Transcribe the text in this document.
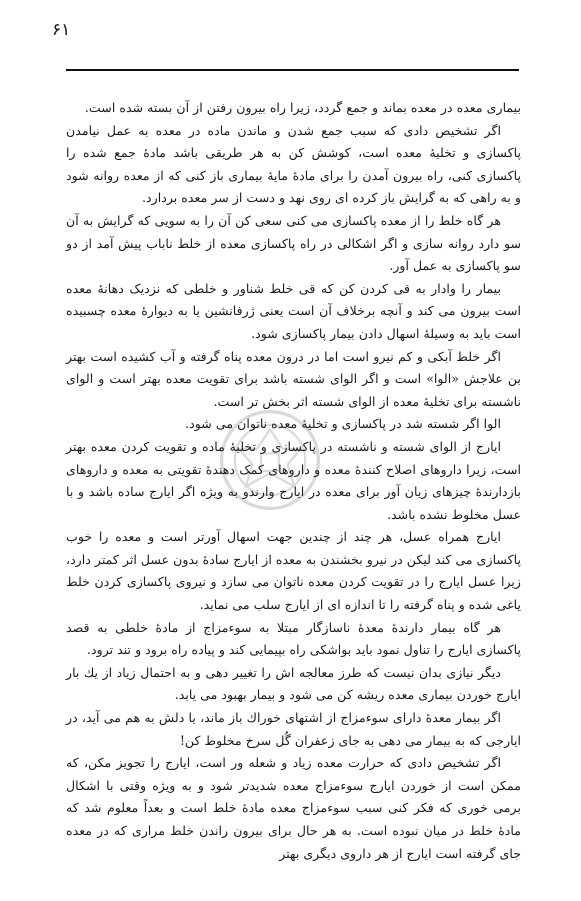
۶۱

بیماری معده در معده بماند و جمع گردد، زیرا راه بیرون رفتن از آن بسته شده است.

اگر تشخیص دادی که سبب جمع شدن و ماندن ماده در معده به عمل نیامدن پاکسازی و تخلیهٔ معده است، کوشش کن به هر طریقی باشد مادهٔ جمع شده را پاکسازی کنی، راه بیرون آمدن را برای مادهٔ مایهٔ بیماری باز کنی که از معده روانه شود و به راهی که به گرایش باز کرده ای روی نهد و دست از سر معده بردارد.

هر گاه خلط را از معده پاکسازی می کنی سعی کن آن را به سویی که گرایش به آن سو دارد روانه سازی و اگر اشکالی در راه پاکسازی معده از خلط ناباب پیش آمد از دو سو پاکسازی به عمل آور.

بیمار را وادار به قی کردن کن که قی خلط شناور و خلطی که نزدیک دهانهٔ معده است بیرون می کند و آنچه برخلاف آن است یعنی ژرفانشین یا به دیوارهٔ معده چسبیده است باید به وسیلهٔ اسهال دادن بیمار پاکسازی شود.

اگر خلط آبکی و کم نیرو است اما در درون معده پناه گرفته و آب کشیده است بهتر بن علاجش «الوا» است و اگر الوای شسته باشد برای تقویت معده بهتر است و الوای ناشسته برای تخلیهٔ معده از الوای شسته اثر بخش تر است.

الوا اگر شسته شد در پاکسازی و تخلیهٔ معده ناتوان می شود.

ایارج از الوای شسته و ناشسته در پاکسازی و تخلیهٔ ماده و تقویت کردن معده بهتر است، زیرا داروهای اصلاح کنندهٔ معده و داروهای کمک دهندهٔ تقویتی به معده و داروهای بازدارندهٔ چیزهای زیان آور برای معده در ایارج وارندو به ویژه اگر ایارج ساده باشد و با عسل مخلوط نشده باشد.

ایارج همراه عسل، هر چند از چندین جهت اسهال آورتر است و معده را خوب پاکسازی می کند لیکن در نیرو بخشندن به معده از ایارج سادهٔ بدون عسل اثر کمتر دارد، زیرا عسل ایارج را در تقویت کردن معده ناتوان می سازد و نیروی پاکسازی کردن خلط یاغی شده و پناه گرفته را تا اندازه ای از ایارج سلب می نماید.

هر گاه بیمار دارندهٔ معدهٔ ناسازگار مبتلا به سوءمزاج از مادهٔ خلطی به قصد پاکسازی ایارج را تناول نمود باید بواشکی راه بپیمایی کند و پیاده راه برود و تند ترود.

دیگر نیازی بدان نیست که طرز معالجه اش را تغییر دهی و به احتمال زیاد از یك بار ایارج خوردن بیماری معده ریشه کن می شود و بیمار بهبود می یابد.

اگر بیمار معدهٔ دارای سوءمزاج از اشتهای خوراك باز ماند، یا دلش به هم می آید، در ایارجی که به بیمار می دهی به جای زعفران گُل سرخ مخلوط کن!

اگر تشخیص دادی که حرارت معده زیاد و شعله ور است، ایارج را تجویز مکن، که ممکن است از خوردن ایارج سوءمزاج معده شدیدتر شود و به ویژه وقتی با اشکال برمی خوری که فکر کنی سبب سوءمزاج معده مادهٔ خلط است و بعداً معلوم شد که مادهٔ خلط در میان نبوده است. به هر حال برای بیرون راندن خلط مراری که در معده جای گرفته است ایارج از هر داروی دیگری بهتر
